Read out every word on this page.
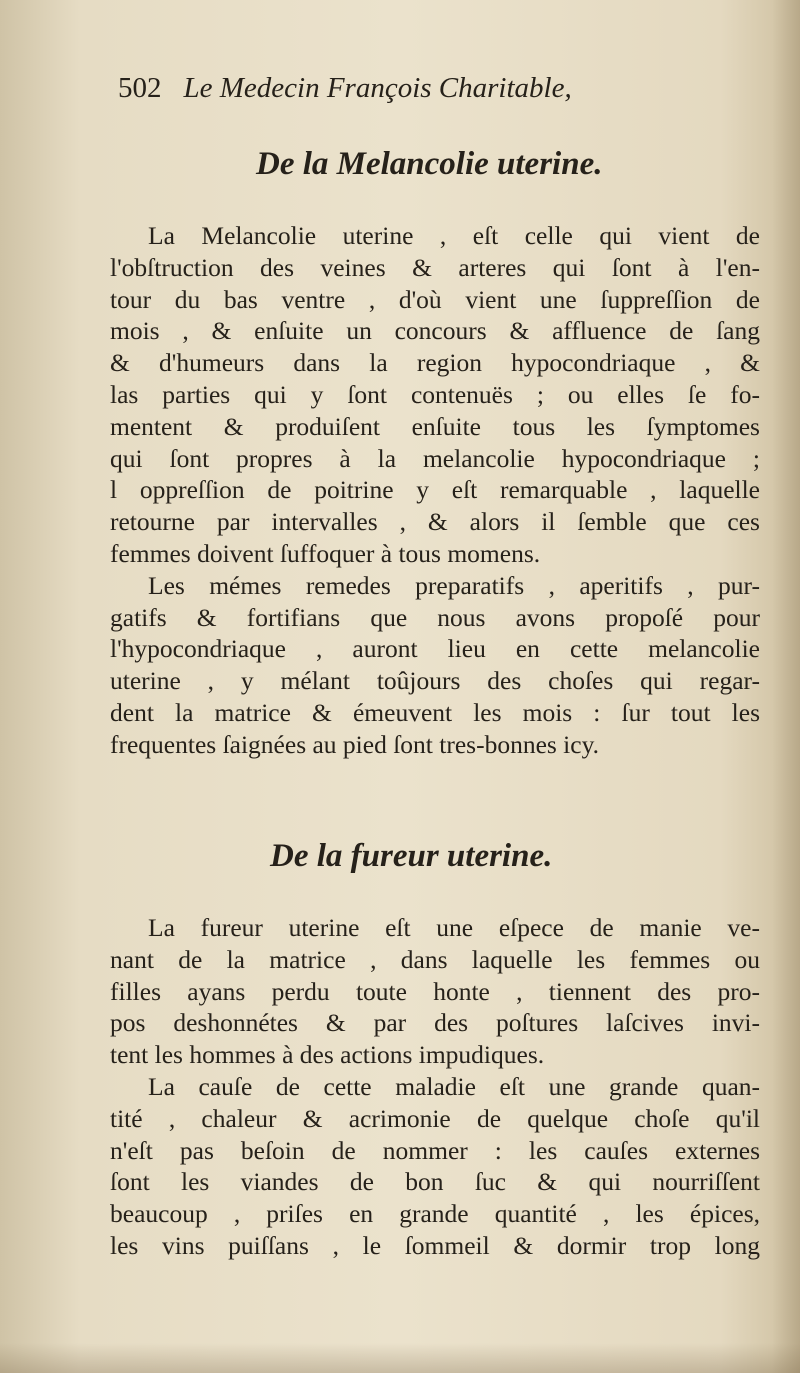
502 Le Medecin François Charitable,
De la Melancolie uterine.
La Melancolie uterine , eſt celle qui vient de
l'obſtruction des veines & arteres qui ſont à l'en-
tour du bas ventre , d'où vient une ſuppreſſion de
mois , & enſuite un concours & affluence de ſang
& d'humeurs dans la region hypocondriaque , &
las parties qui y ſont contenuës ; ou elles ſe fo-
mentent & produiſent enſuite tous les ſymptomes
qui ſont propres à la melancolie hypocondriaque ;
l oppreſſion de poitrine y eſt remarquable , laquelle
retourne par intervalles , & alors il ſemble que ces
femmes doivent ſuffoquer à tous momens.
Les mémes remedes preparatifs , aperitifs , pur-
gatifs & fortifians que nous avons propoſé pour
l'hypocondriaque , auront lieu en cette melancolie
uterine , y mélant toûjours des choſes qui regar-
dent la matrice & émeuvent les mois : ſur tout les
frequentes ſaignées au pied ſont tres-bonnes icy.
De la fureur uterine.
La fureur uterine eſt une eſpece de manie ve-
nant de la matrice , dans laquelle les femmes ou
filles ayans perdu toute honte , tiennent des pro-
pos deshonnétes & par des poſtures laſcives invi-
tent les hommes à des actions impudiques.
La cauſe de cette maladie eſt une grande quan-
tité , chaleur & acrimonie de quelque choſe qu'il
n'eſt pas beſoin de nommer : les cauſes externes
ſont les viandes de bon ſuc & qui nourriſſent
beaucoup , priſes en grande quantité , les épices,
les vins puiſſans , le ſommeil & dormir trop long
